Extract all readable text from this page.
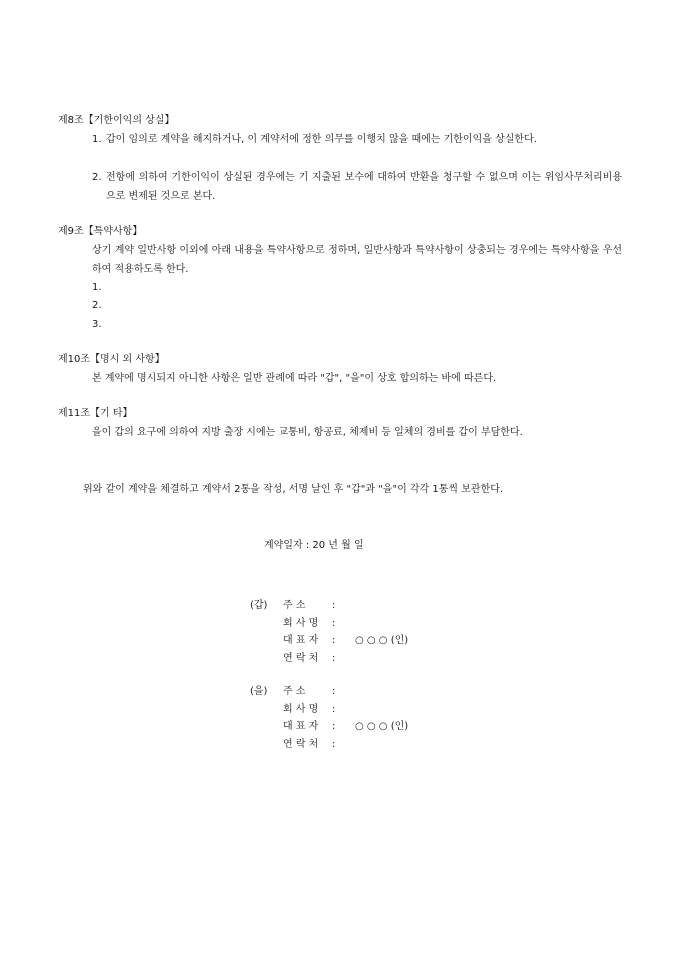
제8조【기한이익의 상실】
1. 갑이 임의로 계약을 해지하거나, 이 계약서에 정한 의무를 이행치 않을 때에는 기한이익을 상실한다.
2. 전항에 의하여 기한이익이 상실된 경우에는 기 지출된 보수에 대하여 반환을 청구할 수 없으며 이는 위임사무처리비용으로 변제된 것으로 본다.
제9조【특약사항】
상기 계약 일반사항 이외에 아래 내용을 특약사항으로 정하며, 일반사항과 특약사항이 상충되는 경우에는 특약사항을 우선하여 적용하도록 한다.
1.
2.
3.
제10조【명시 외 사항】
본 계약에 명시되지 아니한 사항은 일반 관례에 따라 "갑", "을"이 상호 합의하는 바에 따른다.
제11조【기 타】
을이 갑의 요구에 의하여 지방 출장 시에는 교통비, 항공료, 체제비 등 일체의 경비를 갑이 부담한다.
위와 같이 계약을 체결하고 계약서 2통을 작성, 서명 날인 후 "갑"과 "을"이 각각 1통씩 보관한다.
계약일자 : 20 년 월 일
(갑) 주 소	:
회 사 명 :
대 표 자 : ○ ○ ○ (인)
연 락 처 :
(을) 주 소	:
회 사 명 :
대 표 자 : ○ ○ ○ (인)
연 락 처 :
